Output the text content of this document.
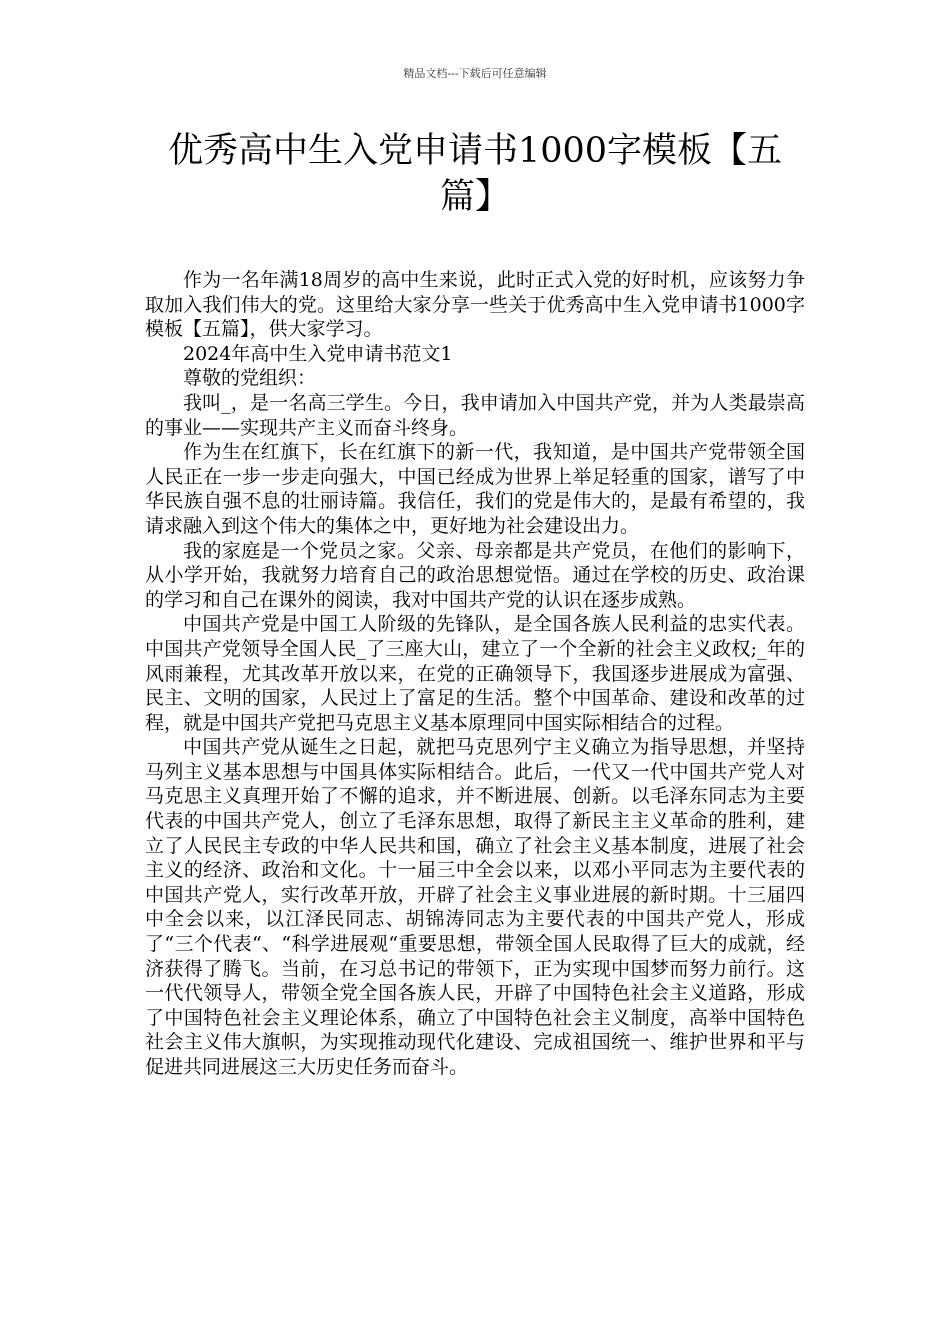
精品文档---下载后可任意编辑
优秀高中生入党申请书1000字模板【五
篇】

作为一名年满18周岁的高中生来说，此时正式入党的好时机，应该努力争取加入我们伟大的党。这里给大家分享一些关于优秀高中生入党申请书1000字模板【五篇】，供大家学习。

2024年高中生入党申请书范文1

尊敬的党组织：

我叫_，是一名高三学生。今日，我申请加入中国共产党，并为人类最崇高的事业——实现共产主义而奋斗终身。

作为生在红旗下，长在红旗下的新一代，我知道，是中国共产党带领全国人民正在一步一步走向强大，中国已经成为世界上举足轻重的国家，谱写了中华民族自强不息的壮丽诗篇。我信任，我们的党是伟大的，是最有希望的，我请求融入到这个伟大的集体之中，更好地为社会建设出力。

我的家庭是一个党员之家。父亲、母亲都是共产党员，在他们的影响下，从小学开始，我就努力培育自己的政治思想觉悟。通过在学校的历史、政治课的学习和自己在课外的阅读，我对中国共产党的认识在逐步成熟。

中国共产党是中国工人阶级的先锋队，是全国各族人民利益的忠实代表。中国共产党领导全国人民_了三座大山，建立了一个全新的社会主义政权;_年的风雨兼程，尤其改革开放以来，在党的正确领导下，我国逐步进展成为富强、民主、文明的国家，人民过上了富足的生活。整个中国革命、建设和改革的过程，就是中国共产党把马克思主义基本原理同中国实际相结合的过程。

中国共产党从诞生之日起，就把马克思列宁主义确立为指导思想，并坚持马列主义基本思想与中国具体实际相结合。此后，一代又一代中国共产党人对马克思主义真理开始了不懈的追求，并不断进展、创新。以毛泽东同志为主要代表的中国共产党人，创立了毛泽东思想，取得了新民主主义革命的胜利，建立了人民民主专政的中华人民共和国，确立了社会主义基本制度，进展了社会主义的经济、政治和文化。十一届三中全会以来，以邓小平同志为主要代表的中国共产党人，实行改革开放，开辟了社会主义事业进展的新时期。十三届四中全会以来，以江泽民同志、胡锦涛同志为主要代表的中国共产党人，形成了“三个代表“、“科学进展观“重要思想，带领全国人民取得了巨大的成就，经济获得了腾飞。当前，在习总书记的带领下，正为实现中国梦而努力前行。这一代代领导人，带领全党全国各族人民，开辟了中国特色社会主义道路，形成了中国特色社会主义理论体系，确立了中国特色社会主义制度，高举中国特色社会主义伟大旗帜，为实现推动现代化建设、完成祖国统一、维护世界和平与促进共同进展这三大历史任务而奋斗。
